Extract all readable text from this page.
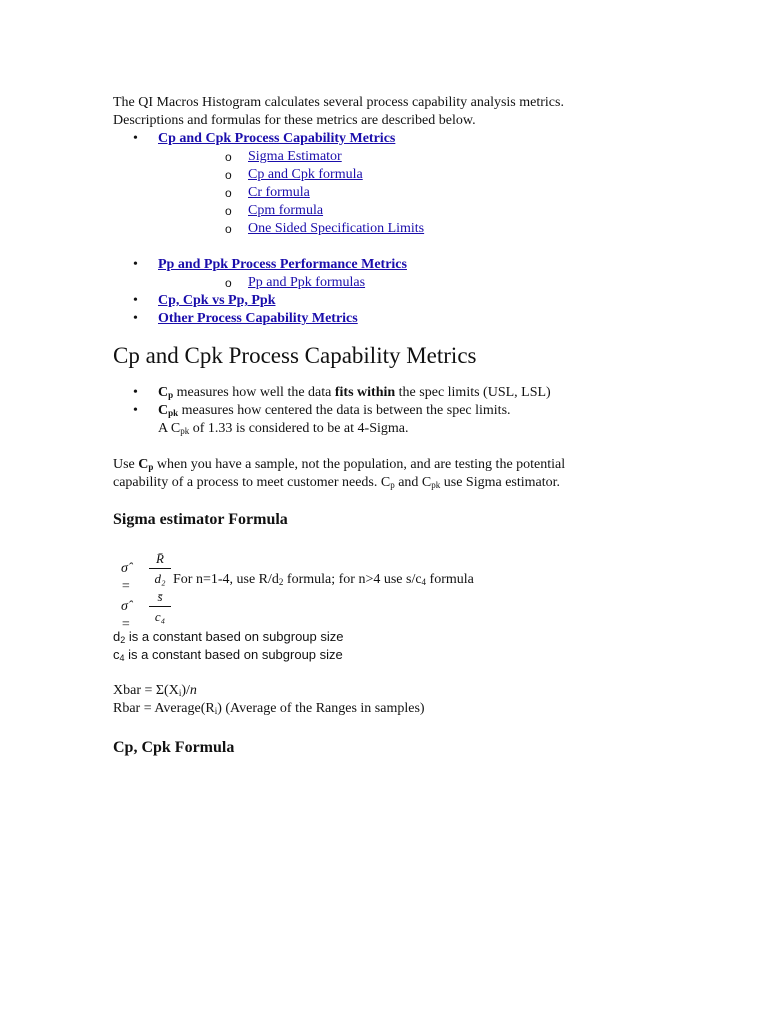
The QI Macros Histogram calculates several process capability analysis metrics.

Descriptions and formulas for these metrics are described below.

• Cp and Cpk Process Capability Metrics
o Sigma Estimator
o Cp and Cpk formula
o Cr formula
o Cpm formula
o One Sided Specification Limits
• Pp and Ppk Process Performance Metrics
o Pp and Ppk formulas
• Cp, Cpk vs Pp, Ppk
• Other Process Capability Metrics
Cp and Cpk Process Capability Metrics
• $C_p$ measures how well the data fits within the spec limits (USL, LSL)
• $C_{pk}$ measures how centered the data is between the spec limits.
A $C_{pk}$ of 1.33 is considered to be at 4-Sigma.

Use $C_p$ when you have a sample, not the population, and are testing the potential
capability of a process to meet customer needs. $C_p$ and $C_{pk}$ use Sigma estimator.

Sigma estimator Formula
σ̂ =
R̄
d₂ For n=1-4, use $R/d_2$ formula; for n>4 use $s/c_4$ formula
σ̂ =
s̄
c₄

$d_2$ is a constant based on subgroup size

$c_4$ is a constant based on subgroup size

Xbar = $\Sigma(X_i)/n$

Rbar = $Average(R_i)$ (Average of the Ranges in samples)

Cp, Cpk Formula
